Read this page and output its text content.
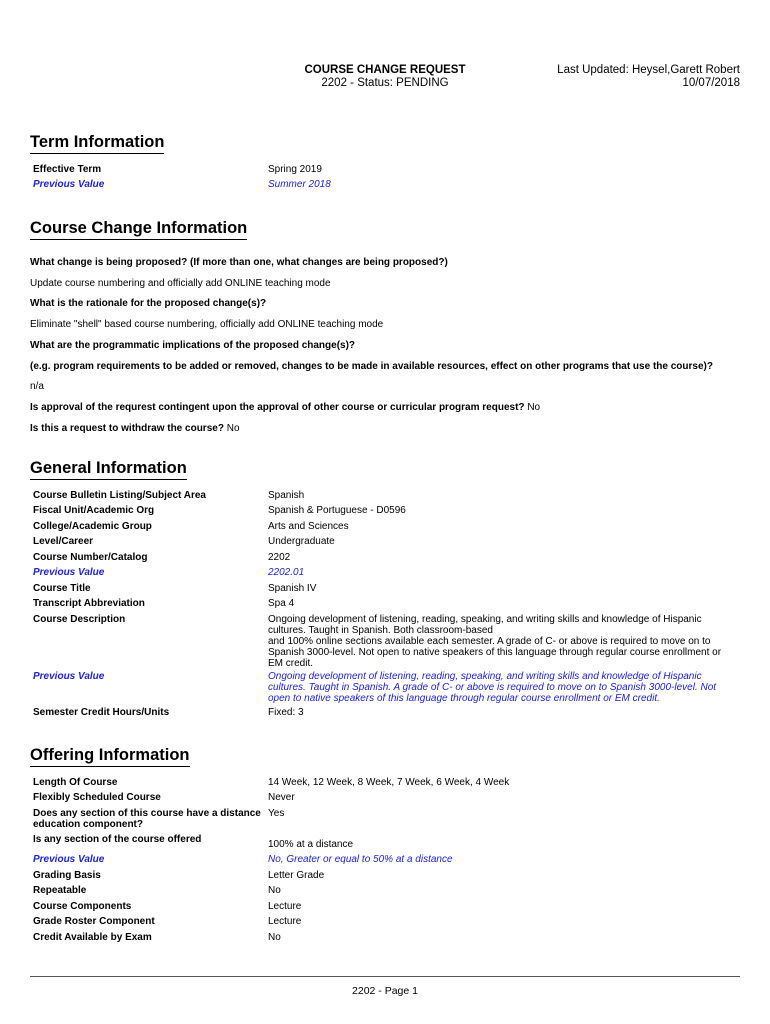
COURSE CHANGE REQUEST
2202 - Status: PENDING
Last Updated: Heysel,Garett Robert
10/07/2018
Term Information
Effective Term	Spring 2019
Previous Value	Summer 2018
Course Change Information
What change is being proposed? (If more than one, what changes are being proposed?)
Update course numbering and officially add ONLINE teaching mode
What is the rationale for the proposed change(s)?
Eliminate "shell" based course numbering, officially add ONLINE teaching mode
What are the programmatic implications of the proposed change(s)?
(e.g. program requirements to be added or removed, changes to be made in available resources, effect on other programs that use the course)?
n/a
Is approval of the requrest contingent upon the approval of other course or curricular program request? No
Is this a request to withdraw the course? No
General Information
Course Bulletin Listing/Subject Area	Spanish
Fiscal Unit/Academic Org	Spanish & Portuguese - D0596
College/Academic Group	Arts and Sciences
Level/Career	Undergraduate
Course Number/Catalog	2202
Previous Value	2202.01
Course Title	Spanish IV
Transcript Abbreviation	Spa 4
Course Description	Ongoing development of listening, reading, speaking, and writing skills and knowledge of Hispanic cultures. Taught in Spanish. Both classroom-based
and 100% online sections available each semester. A grade of C- or above is required to move on to Spanish 3000-level. Not open to native speakers of this language through regular course enrollment or EM credit.
Previous Value	Ongoing development of listening, reading, speaking, and writing skills and knowledge of Hispanic cultures. Taught in Spanish. A grade of C- or above is required to move on to Spanish 3000-level. Not open to native speakers of this language through regular course enrollment or EM credit.
Semester Credit Hours/Units	Fixed: 3
Offering Information
Length Of Course	14 Week, 12 Week, 8 Week, 7 Week, 6 Week, 4 Week
Flexibly Scheduled Course	Never
Does any section of this course have a distance education component?
Yes
Is any section of the course offered	100% at a distance
Previous Value	No, Greater or equal to 50% at a distance
Grading Basis	Letter Grade
Repeatable	No
Course Components	Lecture
Grade Roster Component	Lecture
Credit Available by Exam	No
2202 - Page 1
